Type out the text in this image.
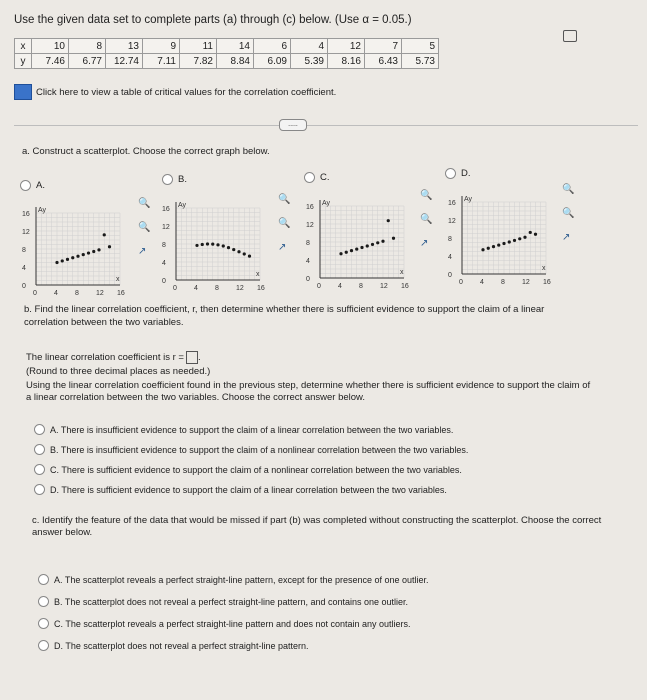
Use the given data set to complete parts (a) through (c) below. (Use α = 0.05.)
x	10	8	13	9	11	14	6	4	12	7	5
y	7.46	6.77	12.74	7.11	7.82	8.84	6.09	5.39	8.16	6.43	5.73
Click here to view a table of critical values for the correlation coefficient.
.....
a. Construct a scatterplot. Choose the correct graph below.
A.
B.	C.	D.
16
12
8
4
0
0 4 8 12 16
Ay
x
16
12
8
4
0
0 4 8 12 16
Ay
x
16
12
8
4
0
0 4 8 12 16
Ay
x
16
12
8
4
0
0 4 8 12 16
Ay
x
🔍
🔍
↗
🔍
🔍
↗
🔍
🔍
↗
🔍
🔍
↗
b. Find the linear correlation coefficient, r, then determine whether there is sufficient evidence to support the claim of a linear correlation between the two variables.
The linear correlation coefficient is r = .
(Round to three decimal places as needed.)
Using the linear correlation coefficient found in the previous step, determine whether there is sufficient evidence to support the claim of a linear correlation between the two variables. Choose the correct answer below.
A. There is insufficient evidence to support the claim of a linear correlation between the two variables.
B. There is insufficient evidence to support the claim of a nonlinear correlation between the two variables.
C. There is sufficient evidence to support the claim of a nonlinear correlation between the two variables.
D. There is sufficient evidence to support the claim of a linear correlation between the two variables.
c. Identify the feature of the data that would be missed if part (b) was completed without constructing the scatterplot. Choose the correct answer below.
A. The scatterplot reveals a perfect straight-line pattern, except for the presence of one outlier.
B. The scatterplot does not reveal a perfect straight-line pattern, and contains one outlier.
C. The scatterplot reveals a perfect straight-line pattern and does not contain any outliers.
D. The scatterplot does not reveal a perfect straight-line pattern.
